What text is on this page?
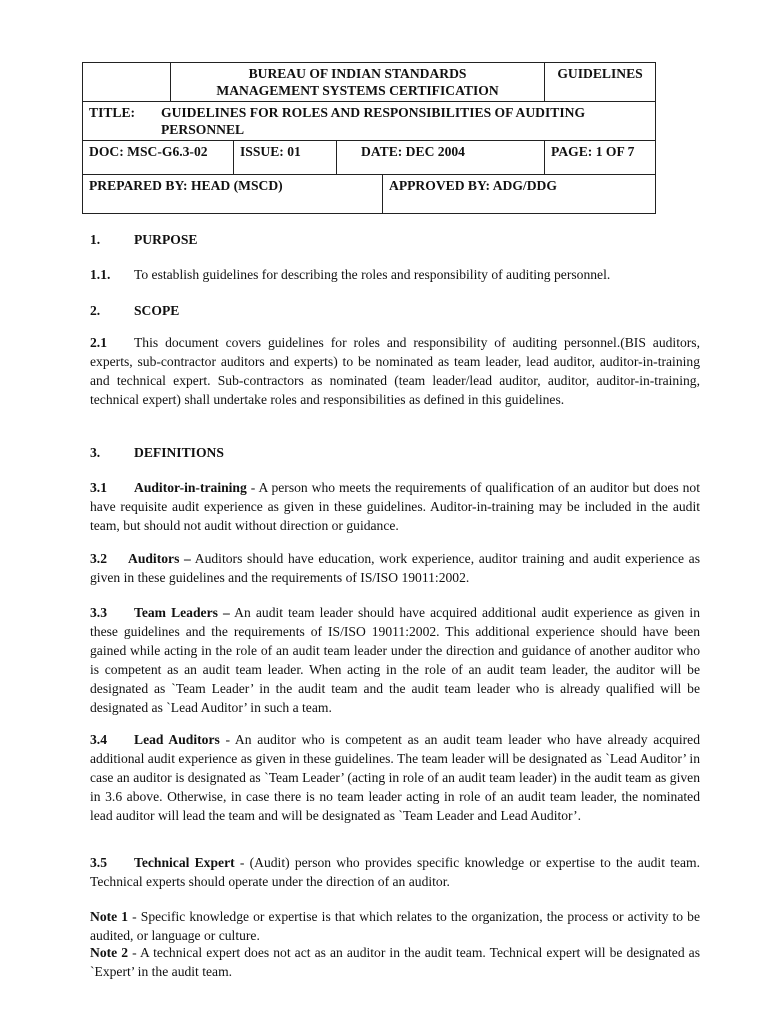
	BUREAU OF INDIAN STANDARDS
MANAGEMENT SYSTEMS CERTIFICATION				GUIDELINES

TITLE: GUIDELINES FOR ROLES AND RESPONSIBILITIES OF AUDITING PERSONNEL					

DOC: MSC-G6.3-02		ISSUE: 01	DATE: DEC 2004		PAGE: 1 OF 7
PREPARED BY: HEAD (MSCD)				APPROVED BY: ADG/DDG	
1. PURPOSE
1.1. To establish guidelines for describing the roles and responsibility of auditing personnel.
2. SCOPE
2.1 This document covers guidelines for roles and responsibility of auditing personnel.(BIS auditors, experts, sub-contractor auditors and experts) to be nominated as team leader, lead auditor, auditor-in-training and technical expert. Sub-contractors as nominated (team leader/lead auditor, auditor, auditor-in-training, technical expert) shall undertake roles and responsibilities as defined in this guidelines.
3. DEFINITIONS
3.1 Auditor-in-training - A person who meets the requirements of qualification of an auditor but does not have requisite audit experience as given in these guidelines. Auditor-in-training may be included in the audit team, but should not audit without direction or guidance.
3.2 Auditors – Auditors should have education, work experience, auditor training and audit experience as given in these guidelines and the requirements of IS/ISO 19011:2002.
3.3 Team Leaders – An audit team leader should have acquired additional audit experience as given in these guidelines and the requirements of IS/ISO 19011:2002. This additional experience should have been gained while acting in the role of an audit team leader under the direction and guidance of another auditor who is competent as an audit team leader. When acting in the role of an audit team leader, the auditor will be designated as `Team Leader’ in the audit team and the audit team leader who is already qualified will be designated as `Lead Auditor’ in such a team.
3.4 Lead Auditors - An auditor who is competent as an audit team leader who have already acquired additional audit experience as given in these guidelines. The team leader will be designated as `Lead Auditor’ in case an auditor is designated as `Team Leader’ (acting in role of an audit team leader) in the audit team as given in 3.6 above. Otherwise, in case there is no team leader acting in role of an audit team leader, the nominated lead auditor will lead the team and will be designated as `Team Leader and Lead Auditor’.
3.5 Technical Expert - (Audit) person who provides specific knowledge or expertise to the audit team. Technical experts should operate under the direction of an auditor.
Note 1 - Specific knowledge or expertise is that which relates to the organization, the process or activity to be audited, or language or culture.
Note 2 - A technical expert does not act as an auditor in the audit team. Technical expert will be designated as `Expert’ in the audit team.
